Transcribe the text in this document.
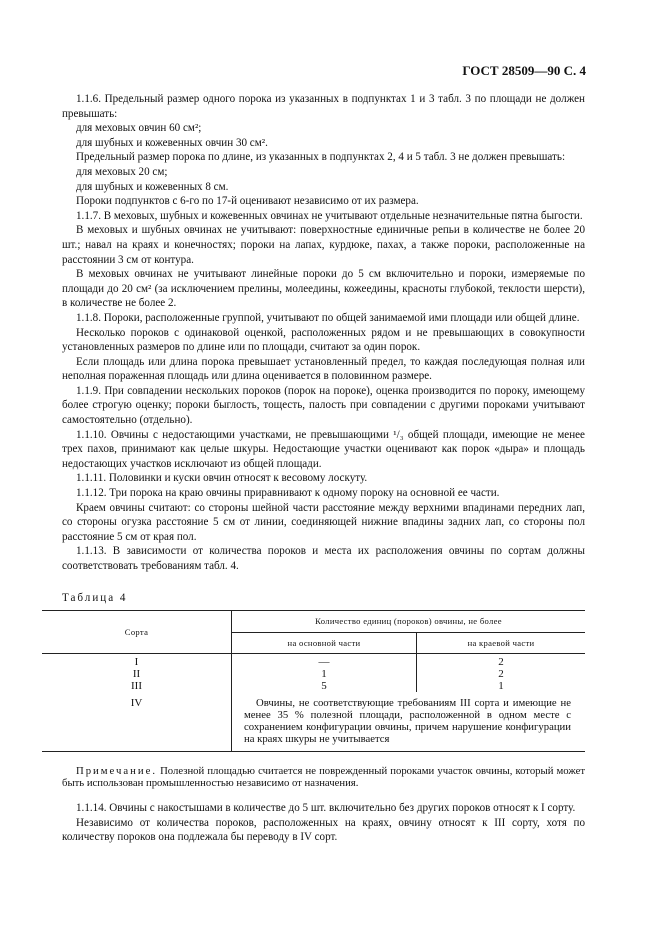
ГОСТ 28509—90 С. 4

1.1.6. Предельный размер одного порока из указанных в подпунктах 1 и 3 табл. 3 по площади не должен превышать:

для меховых овчин 60 см²;

для шубных и кожевенных овчин 30 см².

Предельный размер порока по длине, из указанных в подпунктах 2, 4 и 5 табл. 3 не должен превышать:

для меховых 20 см;

для шубных и кожевенных 8 см.

Пороки подпунктов с 6-го по 17-й оценивают независимо от их размера.

1.1.7. В меховых, шубных и кожевенных овчинах не учитывают отдельные незначительные пятна быгости.

В меховых и шубных овчинах не учитывают: поверхностные единичные репьи в количестве не более 20 шт.; навал на краях и конечностях; пороки на лапах, курдюке, пахах, а также пороки, расположенные на расстоянии 3 см от контура.

В меховых овчинах не учитывают линейные пороки до 5 см включительно и пороки, измеряемые по площади до 20 см² (за исключением прелины, молеедины, кожеедины, красноты глубокой, теклости шерсти), в количестве не более 2.

1.1.8. Пороки, расположенные группой, учитывают по общей занимаемой ими площади или общей длине.

Несколько пороков с одинаковой оценкой, расположенных рядом и не превышающих в совокупности установленных размеров по длине или по площади, считают за один порок.

Если площадь или длина порока превышает установленный предел, то каждая последующая полная или неполная пораженная площадь или длина оценивается в половинном размере.

1.1.9. При совпадении нескольких пороков (порок на пороке), оценка производится по пороку, имеющему более строгую оценку; пороки быглость, тощесть, палость при совпадении с другими пороками учитывают самостоятельно (отдельно).

1.1.10. Овчины с недостающими участками, не превышающими ¹/₃ общей площади, имеющие не менее трех пахов, принимают как целые шкуры. Недостающие участки оценивают как порок «дыра» и площадь недостающих участков исключают из общей площади.

1.1.11. Половинки и куски овчин относят к весовому лоскуту.

1.1.12. Три порока на краю овчины приравнивают к одному пороку на основной ее части.

Краем овчины считают: со стороны шейной части расстояние между верхними впадинами передних лап, со стороны огузка расстояние 5 см от линии, соединяющей нижние впадины задних лап, со стороны пол расстояние 5 см от края пол.

1.1.13. В зависимости от количества пороков и места их расположения овчины по сортам должны соответствовать требованиям табл. 4.

Таблица 4

Сорта	Количество единиц (пороков) овчины, не более	
	на основной части	на краевой части
I	—	2
II	1	2
III	5	1
IV	Овчины, не соответствующие требованиям III сорта и имеющие не менее 35 % полезной площади, расположенной в одном месте с сохранением конфигурации овчины, причем нарушение конфигурации на краях шкуры не учитывается	

Примечание. Полезной площадью считается не поврежденный пороками участок овчины, который может быть использован промышленностью независимо от назначения.

1.1.14. Овчины с накостышами в количестве до 5 шт. включительно без других пороков относят к I сорту.

Независимо от количества пороков, расположенных на краях, овчину относят к III сорту, хотя по количеству пороков она подлежала бы переводу в IV сорт.
